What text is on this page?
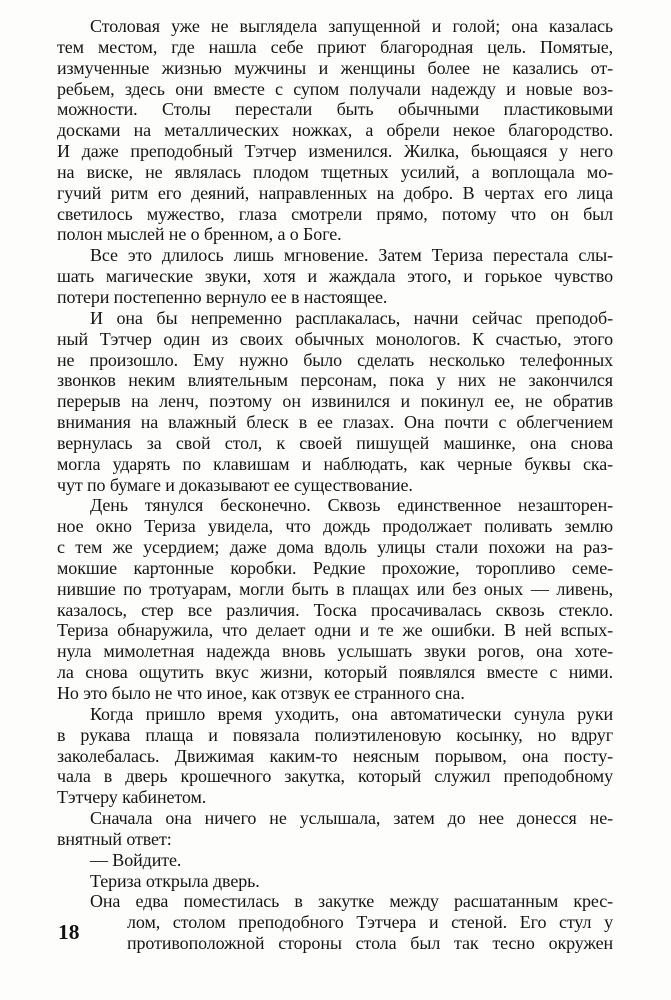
Столовая уже не выглядела запущенной и голой; она казалась
тем местом, где нашла себе приют благородная цель. Помятые,
измученные жизнью мужчины и женщины более не казались от-
ребьем, здесь они вместе с супом получали надежду и новые воз-
можности. Столы перестали быть обычными пластиковыми
досками на металлических ножках, а обрели некое благородство.
И даже преподобный Тэтчер изменился. Жилка, бьющаяся у него
на виске, не являлась плодом тщетных усилий, а воплощала мо-
гучий ритм его деяний, направленных на добро. В чертах его лица
светилось мужество, глаза смотрели прямо, потому что он был
полон мыслей не о бренном, а о Боге.
Все это длилось лишь мгновение. Затем Териза перестала слы-
шать магические звуки, хотя и жаждала этого, и горькое чувство
потери постепенно вернуло ее в настоящее.
И она бы непременно расплакалась, начни сейчас преподоб-
ный Тэтчер один из своих обычных монологов. К счастью, этого
не произошло. Ему нужно было сделать несколько телефонных
звонков неким влиятельным персонам, пока у них не закончился
перерыв на ленч, поэтому он извинился и покинул ее, не обратив
внимания на влажный блеск в ее глазах. Она почти с облегчением
вернулась за свой стол, к своей пишущей машинке, она снова
могла ударять по клавишам и наблюдать, как черные буквы ска-
чут по бумаге и доказывают ее существование.
День тянулся бесконечно. Сквозь единственное незашторен-
ное окно Териза увидела, что дождь продолжает поливать землю
с тем же усердием; даже дома вдоль улицы стали похожи на раз-
мокшие картонные коробки. Редкие прохожие, торопливо семе-
нившие по тротуарам, могли быть в плащах или без оных — ливень,
казалось, стер все различия. Тоска просачивалась сквозь стекло.
Териза обнаружила, что делает одни и те же ошибки. В ней вспых-
нула мимолетная надежда вновь услышать звуки рогов, она хоте-
ла снова ощутить вкус жизни, который появлялся вместе с ними.
Но это было не что иное, как отзвук ее странного сна.
Когда пришло время уходить, она автоматически сунула руки
в рукава плаща и повязала полиэтиленовую косынку, но вдруг
заколебалась. Движимая каким-то неясным порывом, она посту-
чала в дверь крошечного закутка, который служил преподобному
Тэтчеру кабинетом.
Сначала она ничего не услышала, затем до нее донесся не-
внятный ответ:
— Войдите.
Териза открыла дверь.
Она едва поместилась в закутке между расшатанным крес-
лом, столом преподобного Тэтчера и стеной. Его стул у
противоположной стороны стола был так тесно окружен
18
